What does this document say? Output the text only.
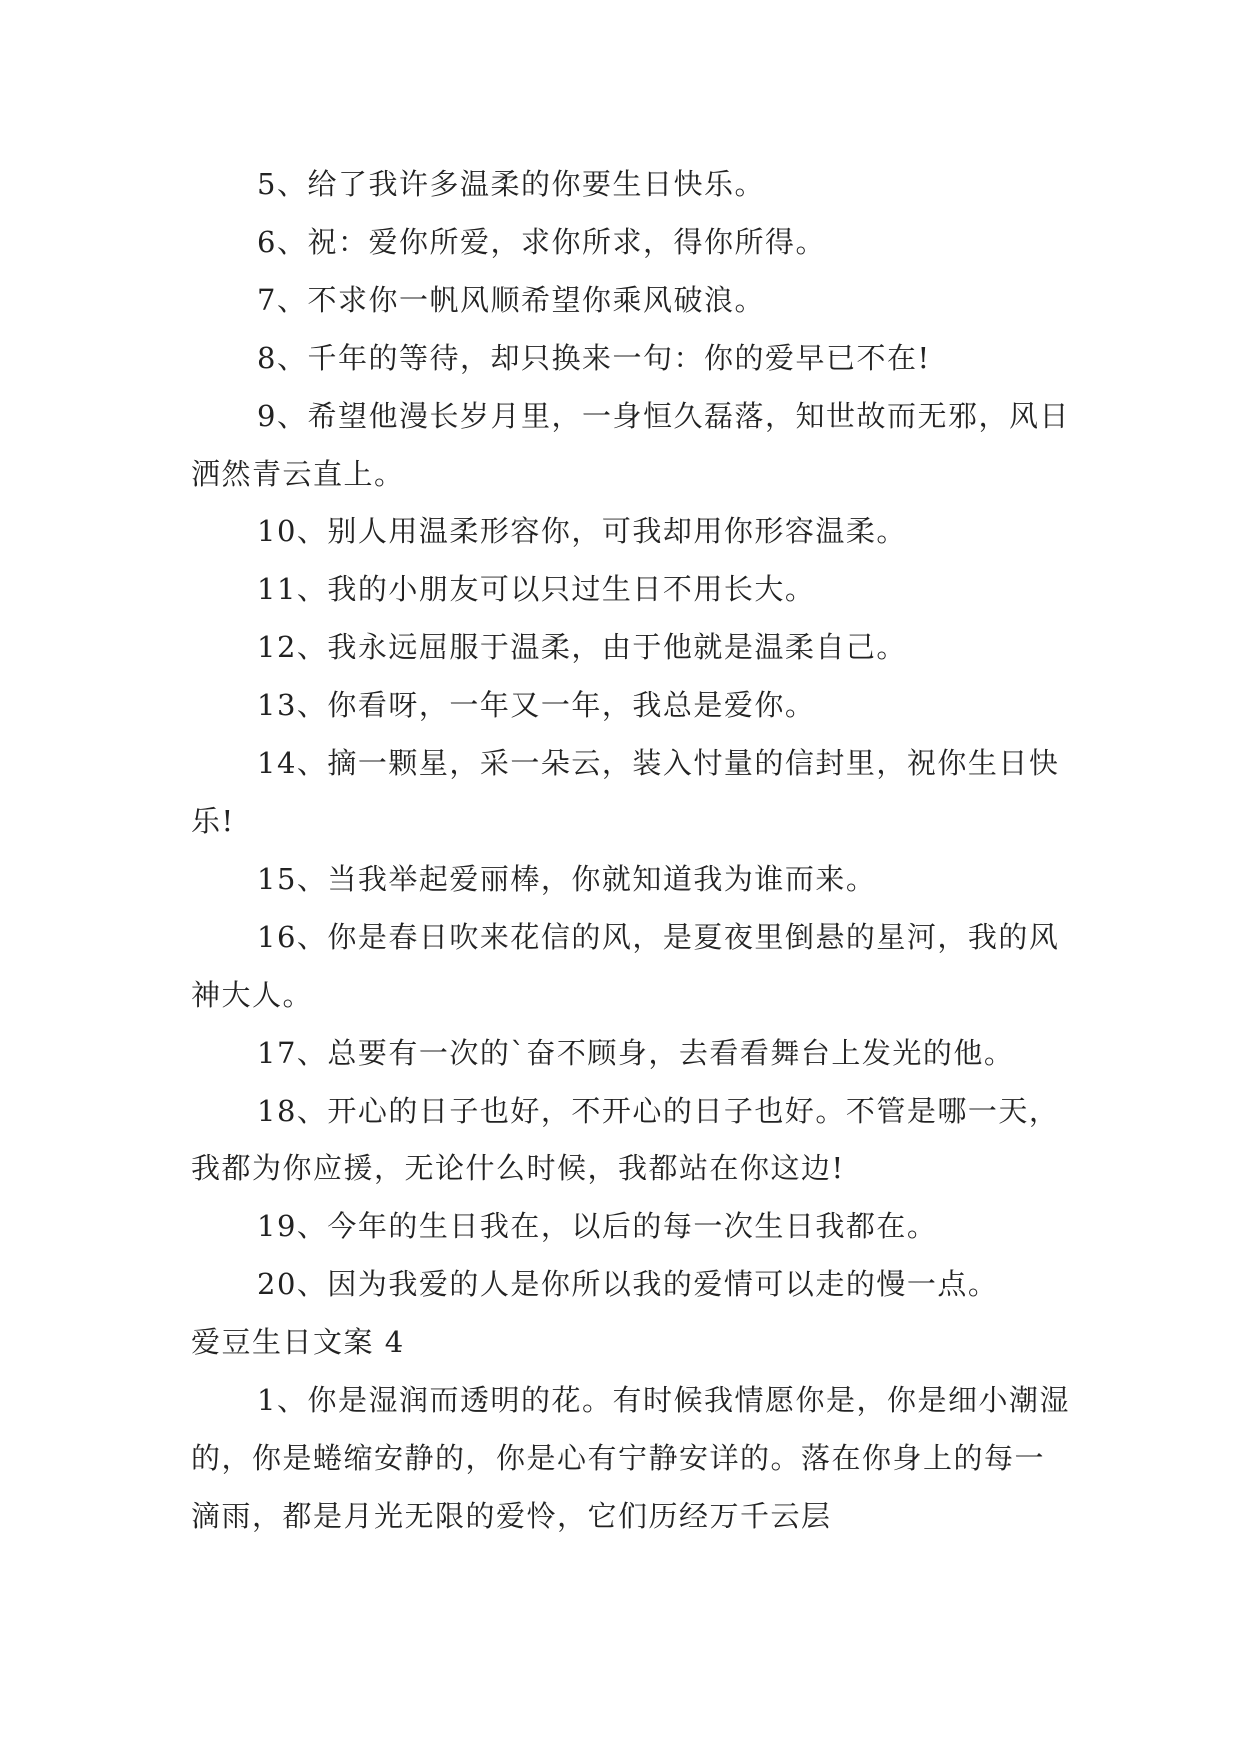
5、给了我许多温柔的你要生日快乐。

6、祝：爱你所爱，求你所求，得你所得。

7、不求你一帆风顺希望你乘风破浪。

8、千年的等待，却只换来一句：你的爱早已不在!

9、希望他漫长岁月里，一身恒久磊落，知世故而无邪，风日洒然青云直上。

10、别人用温柔形容你，可我却用你形容温柔。

11、我的小朋友可以只过生日不用长大。

12、我永远屈服于温柔，由于他就是温柔自己。

13、你看呀，一年又一年，我总是爱你。

14、摘一颗星，采一朵云，装入忖量的信封里，祝你生日快乐!

15、当我举起爱丽棒，你就知道我为谁而来。

16、你是春日吹来花信的风，是夏夜里倒悬的星河，我的风神大人。

17、总要有一次的`奋不顾身，去看看舞台上发光的他。

18、开心的日子也好，不开心的日子也好。不管是哪一天，我都为你应援，无论什么时候，我都站在你这边!

19、今年的生日我在，以后的每一次生日我都在。

20、因为我爱的人是你所以我的爱情可以走的慢一点。

爱豆生日文案 4

1、你是湿润而透明的花。有时候我情愿你是，你是细小潮湿的，你是蜷缩安静的，你是心有宁静安详的。落在你身上的每一滴雨，都是月光无限的爱怜，它们历经万千云层
